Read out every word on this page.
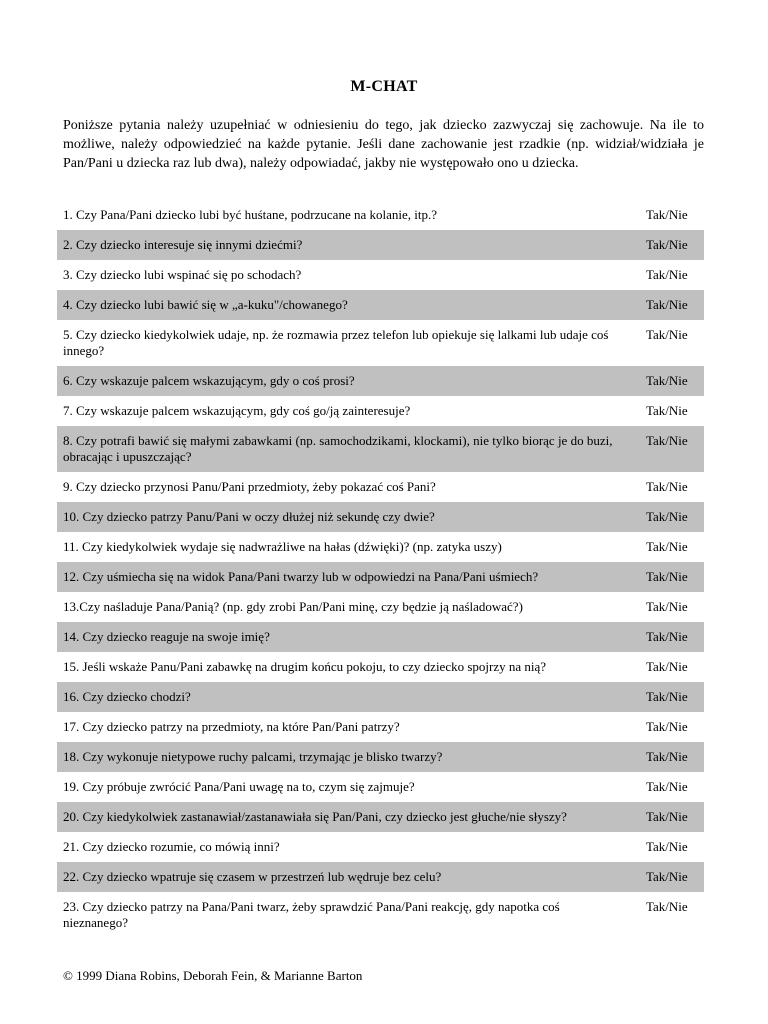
M-CHAT
Poniższe pytania należy uzupełniać w odniesieniu do tego, jak dziecko zazwyczaj się zachowuje. Na ile to możliwe, należy odpowiedzieć na każde pytanie. Jeśli dane zachowanie jest rzadkie (np. widział/widziała je Pan/Pani u dziecka raz lub dwa), należy odpowiadać, jakby nie występowało ono u dziecka.
1. Czy Pana/Pani dziecko lubi być huśtane, podrzucane na kolanie, itp.?	Tak/Nie
2. Czy dziecko interesuje się innymi dziećmi?	Tak/Nie
3. Czy dziecko lubi wspinać się po schodach?	Tak/Nie
4. Czy dziecko lubi bawić się w „a-kuku"/chowanego?	Tak/Nie
5. Czy dziecko kiedykolwiek udaje, np. że rozmawia przez telefon lub opiekuje się lalkami lub udaje coś innego?
Tak/Nie
6. Czy wskazuje palcem wskazującym, gdy o coś prosi?	Tak/Nie
7. Czy wskazuje palcem wskazującym, gdy coś go/ją zainteresuje?	Tak/Nie
8. Czy potrafi bawić się małymi zabawkami (np. samochodzikami, klockami), nie tylko biorąc je do buzi, obracając i upuszczając?
Tak/Nie
9. Czy dziecko przynosi Panu/Pani przedmioty, żeby pokazać coś Pani?	Tak/Nie
10. Czy dziecko patrzy Panu/Pani w oczy dłużej niż sekundę czy dwie?	Tak/Nie
11. Czy kiedykolwiek wydaje się nadwrażliwe na hałas (dźwięki)? (np. zatyka uszy)	Tak/Nie
12. Czy uśmiecha się na widok Pana/Pani twarzy lub w odpowiedzi na Pana/Pani uśmiech?	Tak/Nie
13.Czy naśladuje Pana/Panią? (np. gdy zrobi Pan/Pani minę, czy będzie ją naśladować?)	Tak/Nie
14. Czy dziecko reaguje na swoje imię?	Tak/Nie
15. Jeśli wskaże Panu/Pani zabawkę na drugim końcu pokoju, to czy dziecko spojrzy na nią?	Tak/Nie
16. Czy dziecko chodzi?	Tak/Nie
17. Czy dziecko patrzy na przedmioty, na które Pan/Pani patrzy?	Tak/Nie
18. Czy wykonuje nietypowe ruchy palcami, trzymając je blisko twarzy?	Tak/Nie
19. Czy próbuje zwrócić Pana/Pani uwagę na to, czym się zajmuje?	Tak/Nie
20. Czy kiedykolwiek zastanawiał/zastanawiała się Pan/Pani, czy dziecko jest głuche/nie słyszy?	Tak/Nie
21. Czy dziecko rozumie, co mówią inni?	Tak/Nie
22. Czy dziecko wpatruje się czasem w przestrzeń lub wędruje bez celu?	Tak/Nie
23. Czy dziecko patrzy na Pana/Pani twarz, żeby sprawdzić Pana/Pani reakcję, gdy napotka coś nieznanego?
Tak/Nie
© 1999 Diana Robins, Deborah Fein, & Marianne Barton
